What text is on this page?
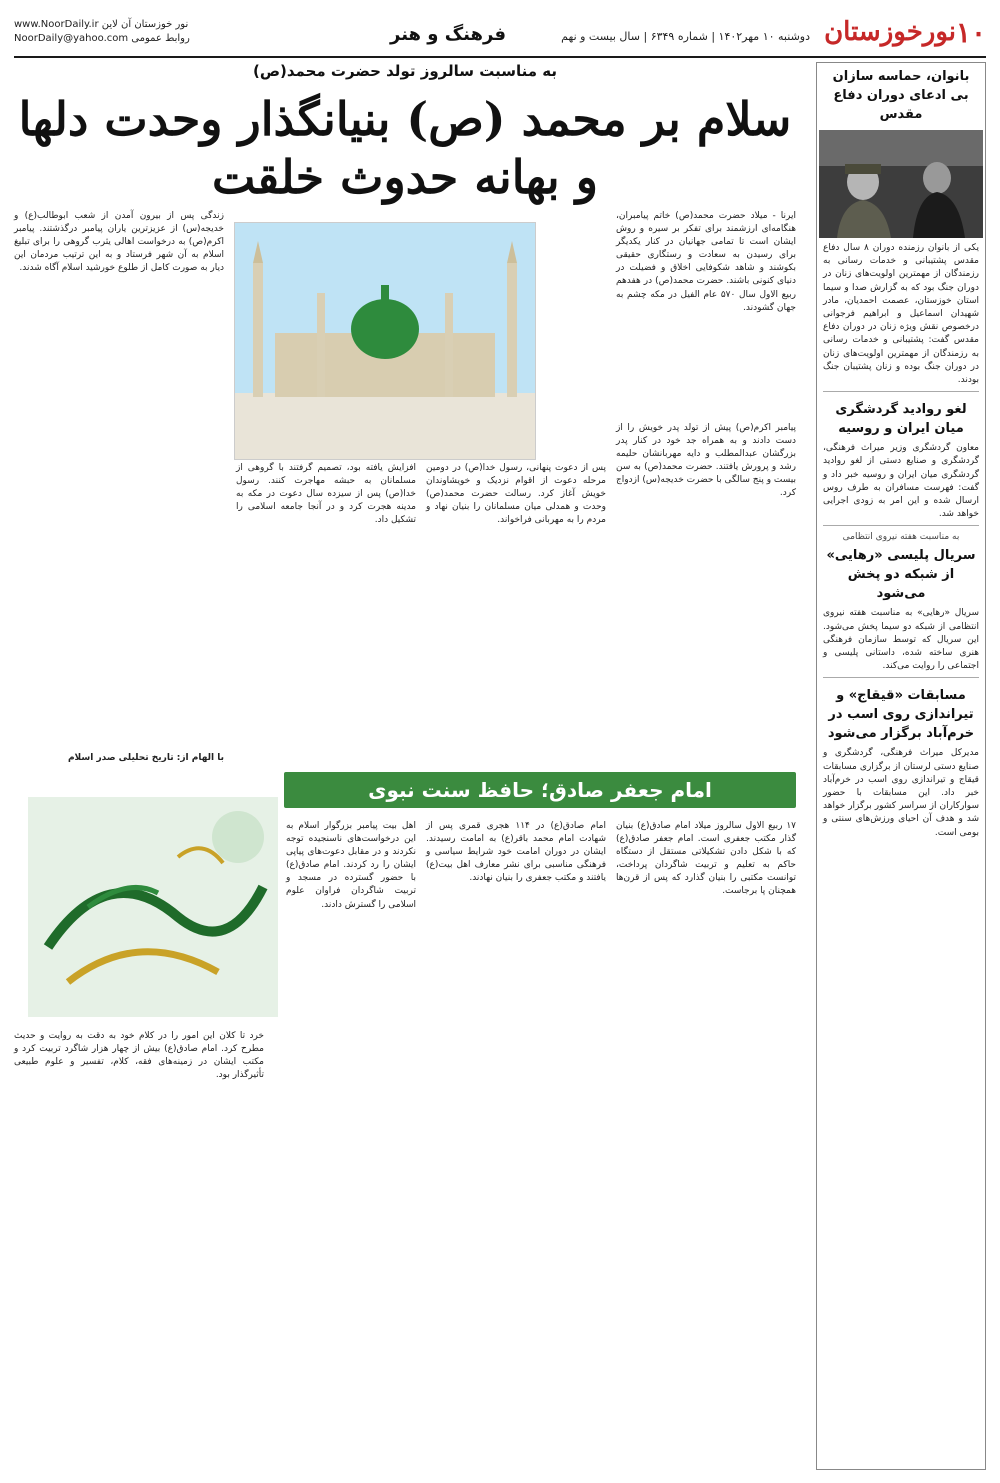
۱۰
نورخوزستان
دوشنبه ۱۰ مهر۱۴۰۲ | شماره ۶۳۴۹ | سال بیست و نهم
فرهنگ و هنر
www.NoorDaily.ir نور خوزستان آن لاین
NoorDaily@yahoo.com روابط عمومی

بانوان، حماسه سازان بی ادعای دوران دفاع مقدس

یکی از بانوان رزمنده دوران ۸ سال دفاع مقدس پشتیبانی و خدمات رسانی به رزمندگان از مهمترین اولویت‌های زنان در دوران جنگ بود که به گزارش صدا و سیما استان خوزستان، عصمت احمدیان، مادر شهیدان اسماعیل و ابراهیم فرجوانی درخصوص نقش ویژه زنان در دوران دفاع مقدس گفت: پشتیبانی و خدمات رسانی به رزمندگان از مهمترین اولویت‌های زنان در دوران جنگ بوده و زنان پشتیبان جنگ بودند.

لغو روادید گردشگری میان ایران و روسیه

معاون گردشگری وزیر میراث فرهنگی، گردشگری و صنایع دستی از لغو روادید گردشگری میان ایران و روسیه خبر داد و گفت: فهرست مسافران به طرف روس ارسال شده و این امر به زودی اجرایی خواهد شد.

به مناسبت هفته نیروی انتظامی

سریال پلیسی «رهایی» از شبکه دو پخش می‌شود

سریال «رهایی» به مناسبت هفته نیروی انتظامی از شبکه دو سیما پخش می‌شود. این سریال که توسط سازمان فرهنگی هنری ساخته شده، داستانی پلیسی و اجتماعی را روایت می‌کند.

مسابقات «قیقاج» و تیراندازی روی اسب در خرم‌آباد برگزار می‌شود

مدیرکل میراث فرهنگی، گردشگری و صنایع دستی لرستان از برگزاری مسابقات قیقاج و تیراندازی روی اسب در خرم‌آباد خبر داد. این مسابقات با حضور سوارکاران از سراسر کشور برگزار خواهد شد و هدف آن احیای ورزش‌های سنتی و بومی است.

به مناسبت سالروز تولد حضرت محمد(ص)
سلام بر محمد (ص) بنیانگذار وحدت دلها
و بهانه حدوث خلقت

ایرنا - میلاد حضرت محمد(ص) خاتم پیامبران، هنگامه‌ای ارزشمند برای تفکر بر سیره و روش ایشان است تا تمامی جهانیان در کنار یکدیگر برای رسیدن به سعادت و رستگاری حقیقی بکوشند و شاهد شکوفایی اخلاق و فضیلت در دنیای کنونی باشند. حضرت محمد(ص) در هفدهم ربیع الاول سال ۵۷۰ عام الفیل در مکه چشم به جهان گشودند.

پیامبر اکرم(ص) پیش از تولد پدر خویش را از دست دادند و به همراه جد خود در کنار پدر بزرگشان عبدالمطلب و دایه مهربانشان حلیمه رشد و پرورش یافتند. حضرت محمد(ص) به سن بیست و پنج سالگی با حضرت خدیجه(س) ازدواج کرد.

پس از دعوت پنهانی، رسول خدا(ص) در دومین مرحله دعوت از اقوام نزدیک و خویشاوندان خویش آغاز کرد. رسالت حضرت محمد(ص) وحدت و همدلی میان مسلمانان را بنیان نهاد و مردم را به مهربانی فراخواند.

افزایش یافته بود، تصمیم گرفتند با گروهی از مسلمانان به حبشه مهاجرت کنند. رسول خدا(ص) پس از سیزده سال دعوت در مکه به مدینه هجرت کرد و در آنجا جامعه اسلامی را تشکیل داد.

زندگی پس از بیرون آمدن از شعب ابوطالب(ع) و خدیجه(س) از عزیزترین یاران پیامبر درگذشتند. پیامبر اکرم(ص) به درخواست اهالی یثرب گروهی را برای تبلیغ اسلام به آن شهر فرستاد و به این ترتیب مردمان این دیار به صورت کامل از طلوع خورشید اسلام آگاه شدند.

با الهام از: تاریخ تحلیلی صدر اسلام

امام جعفر صادق؛ حافظ سنت نبوی

۱۷ ربیع الاول سالروز میلاد امام صادق(ع) بنیان گذار مکتب جعفری است. امام جعفر صادق(ع) که با شکل دادن تشکیلاتی مستقل از دستگاه حاکم به تعلیم و تربیت شاگردان پرداخت، توانست مکتبی را بنیان گذارد که پس از قرن‌ها همچنان پا برجاست.

امام صادق(ع) در ۱۱۴ هجری قمری پس از شهادت امام محمد باقر(ع) به امامت رسیدند. ایشان در دوران امامت خود شرایط سیاسی و فرهنگی مناسبی برای نشر معارف اهل بیت(ع) یافتند و مکتب جعفری را بنیان نهادند.

اهل بیت پیامبر بزرگوار اسلام به این درخواست‌های ناسنجیده توجه نکردند و در مقابل دعوت‌های پیاپی ایشان را رد کردند. امام صادق(ع) با حضور گسترده در مسجد و تربیت شاگردان فراوان علوم اسلامی را گسترش دادند.

خرد تا کلان این امور را در کلام خود به دقت به روایت و حدیث مطرح کرد. امام صادق(ع) بیش از چهار هزار شاگرد تربیت کرد و مکتب ایشان در زمینه‌های فقه، کلام، تفسیر و علوم طبیعی تأثیرگذار بود.
